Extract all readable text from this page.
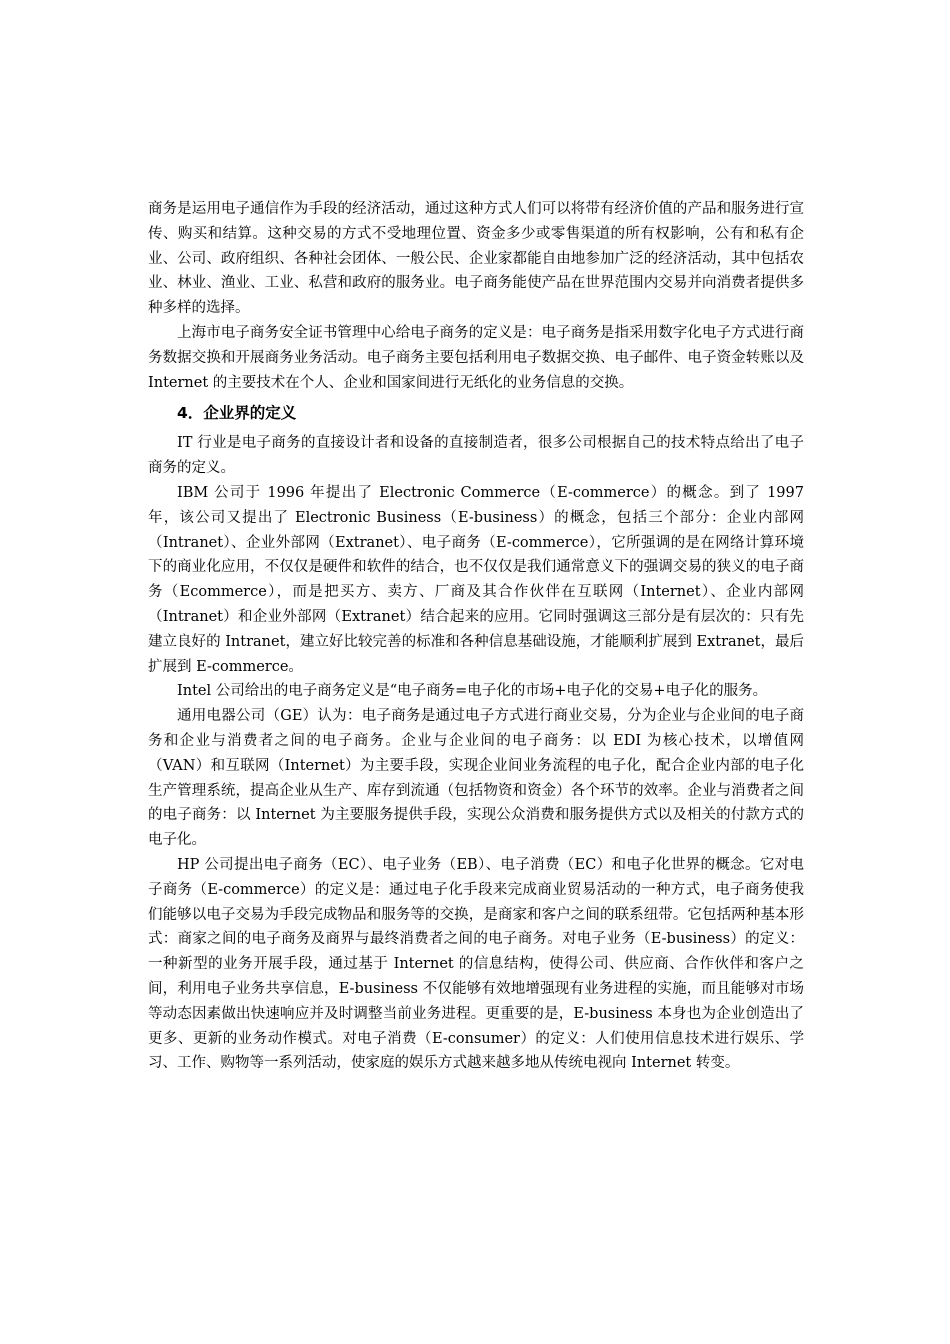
商务是运用电子通信作为手段的经济活动，通过这种方式人们可以将带有经济价值的产品和服务进行宣传、购买和结算。这种交易的方式不受地理位置、资金多少或零售渠道的所有权影响，公有和私有企业、公司、政府组织、各种社会团体、一般公民、企业家都能自由地参加广泛的经济活动，其中包括农业、林业、渔业、工业、私营和政府的服务业。电子商务能使产品在世界范围内交易并向消费者提供多种多样的选择。

上海市电子商务安全证书管理中心给电子商务的定义是：电子商务是指采用数字化电子方式进行商务数据交换和开展商务业务活动。电子商务主要包括利用电子数据交换、电子邮件、电子资金转账以及 Internet 的主要技术在个人、企业和国家间进行无纸化的业务信息的交换。

4．企业界的定义

IT 行业是电子商务的直接设计者和设备的直接制造者，很多公司根据自己的技术特点给出了电子商务的定义。

IBM 公司于 1996 年提出了 Electronic Commerce（E-commerce）的概念。到了 1997 年，该公司又提出了 Electronic Business（E-business）的概念，包括三个部分：企业内部网（Intranet）、企业外部网（Extranet）、电子商务（E-commerce），它所强调的是在网络计算环境下的商业化应用，不仅仅是硬件和软件的结合，也不仅仅是我们通常意义下的强调交易的狭义的电子商务（Ecommerce），而是把买方、卖方、厂商及其合作伙伴在互联网（Internet）、企业内部网（Intranet）和企业外部网（Extranet）结合起来的应用。它同时强调这三部分是有层次的：只有先建立良好的 Intranet，建立好比较完善的标准和各种信息基础设施，才能顺利扩展到 Extranet，最后扩展到 E-commerce。

Intel 公司给出的电子商务定义是“电子商务=电子化的市场+电子化的交易+电子化的服务。

通用电器公司（GE）认为：电子商务是通过电子方式进行商业交易，分为企业与企业间的电子商务和企业与消费者之间的电子商务。企业与企业间的电子商务：以 EDI 为核心技术，以增值网（VAN）和互联网（Internet）为主要手段，实现企业间业务流程的电子化，配合企业内部的电子化生产管理系统，提高企业从生产、库存到流通（包括物资和资金）各个环节的效率。企业与消费者之间的电子商务：以 Internet 为主要服务提供手段，实现公众消费和服务提供方式以及相关的付款方式的电子化。

HP 公司提出电子商务（EC）、电子业务（EB）、电子消费（EC）和电子化世界的概念。它对电子商务（E-commerce）的定义是：通过电子化手段来完成商业贸易活动的一种方式，电子商务使我们能够以电子交易为手段完成物品和服务等的交换，是商家和客户之间的联系纽带。它包括两种基本形式：商家之间的电子商务及商界与最终消费者之间的电子商务。对电子业务（E-business）的定义：一种新型的业务开展手段，通过基于 Internet 的信息结构，使得公司、供应商、合作伙伴和客户之间，利用电子业务共享信息，E-business 不仅能够有效地增强现有业务进程的实施，而且能够对市场等动态因素做出快速响应并及时调整当前业务进程。更重要的是，E-business 本身也为企业创造出了更多、更新的业务动作模式。对电子消费（E-consumer）的定义：人们使用信息技术进行娱乐、学习、工作、购物等一系列活动，使家庭的娱乐方式越来越多地从传统电视向 Internet 转变。
